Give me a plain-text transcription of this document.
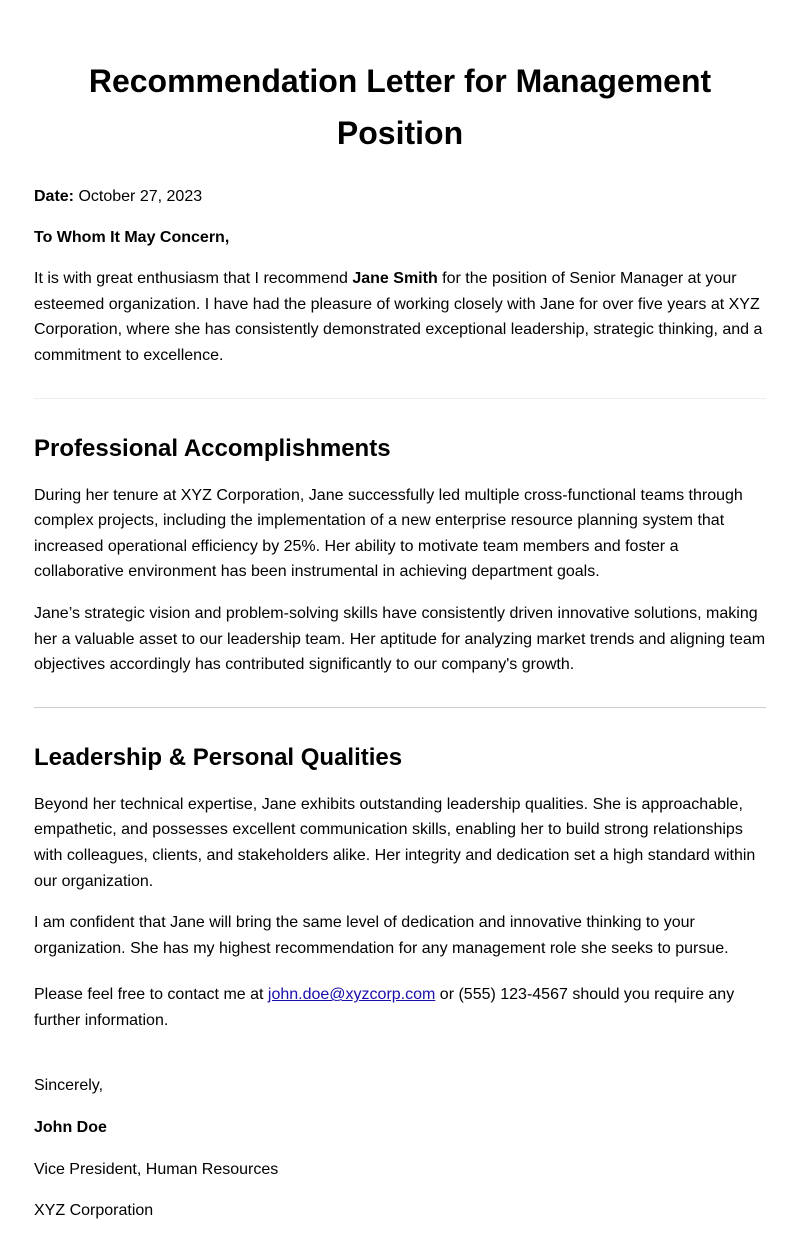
Recommendation Letter for Management Position

Date: October 27, 2023

To Whom It May Concern,

It is with great enthusiasm that I recommend Jane Smith for the position of Senior Manager at your esteemed organization. I have had the pleasure of working closely with Jane for over five years at XYZ Corporation, where she has consistently demonstrated exceptional leadership, strategic thinking, and a commitment to excellence.

Professional Accomplishments

During her tenure at XYZ Corporation, Jane successfully led multiple cross-functional teams through complex projects, including the implementation of a new enterprise resource planning system that increased operational efficiency by 25%. Her ability to motivate team members and foster a collaborative environment has been instrumental in achieving department goals.

Jane’s strategic vision and problem-solving skills have consistently driven innovative solutions, making her a valuable asset to our leadership team. Her aptitude for analyzing market trends and aligning team objectives accordingly has contributed significantly to our company's growth.

Leadership & Personal Qualities

Beyond her technical expertise, Jane exhibits outstanding leadership qualities. She is approachable, empathetic, and possesses excellent communication skills, enabling her to build strong relationships with colleagues, clients, and stakeholders alike. Her integrity and dedication set a high standard within our organization.

I am confident that Jane will bring the same level of dedication and innovative thinking to your organization. She has my highest recommendation for any management role she seeks to pursue.

Please feel free to contact me at john.doe@xyzcorp.com or (555) 123-4567 should you require any further information.

Sincerely,

John Doe

Vice President, Human Resources

XYZ Corporation
